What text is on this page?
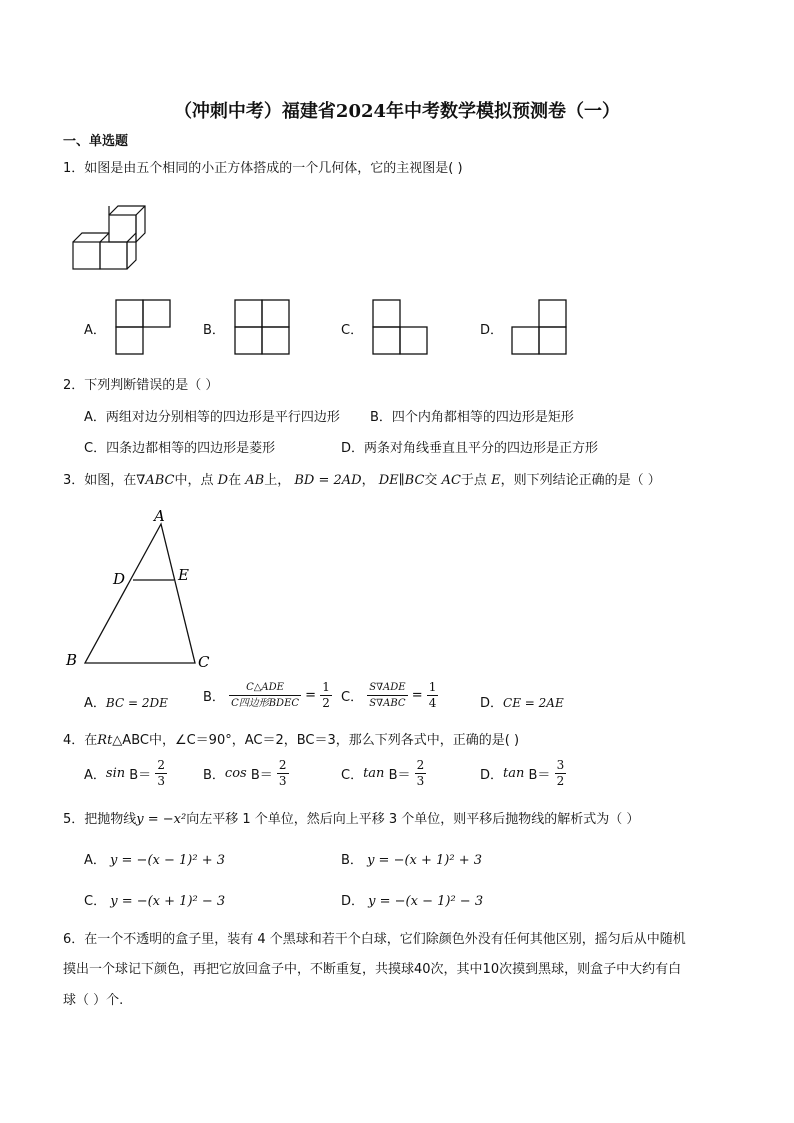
（冲刺中考）福建省2024年中考数学模拟预测卷（一）
一、单选题
1．如图是由五个相同的小正方体搭成的一个几何体，它的主视图是( )
A．	B．	C．	D．
2．下列判断错误的是（ ）
A．两组对边分别相等的四边形是平行四边形 B．四个内角都相等的四边形是矩形
C．四条边都相等的四边形是菱形	D．两条对角线垂直且平分的四边形是正方形
3．如图，在∇ABC中，点 D在 AB上， BD = 2AD， DE∥BC交 AC于点 E，则下列结论正确的是（ ）
A
D	E
B	C
A．BC = 2DE	B． $\frac{\text{C△ADE}}{\text{C四边形BDEC}} = \frac{1}{2}$ C． $\frac{\text{S∇ADE}}{\text{S∇ABC}} = \frac{1}{4}$	D．CE = 2AE
4．在Rt△ABC中，∠C＝90°，AC＝2，BC＝3，那么下列各式中，正确的是( )
A．$\sin B= \frac{2}{3}$	B．$\cos B= \frac{2}{3}$	C．$\tan B= \frac{2}{3}$	D．$\tan B= \frac{3}{2}$
5．把抛物线y = −x²向左平移 1 个单位，然后向上平移 3 个单位，则平移后抛物线的解析式为（ ）
A． y = −(x − 1)² + 3	B． y = −(x + 1)² + 3
C． y = −(x + 1)² − 3	D． y = −(x − 1)² − 3
6．在一个不透明的盒子里，装有 4 个黑球和若干个白球，它们除颜色外没有任何其他区别，摇匀后从中随机
摸出一个球记下颜色，再把它放回盒子中，不断重复，共摸球40次，其中10次摸到黑球，则盒子中大约有白
球（ ）个.
